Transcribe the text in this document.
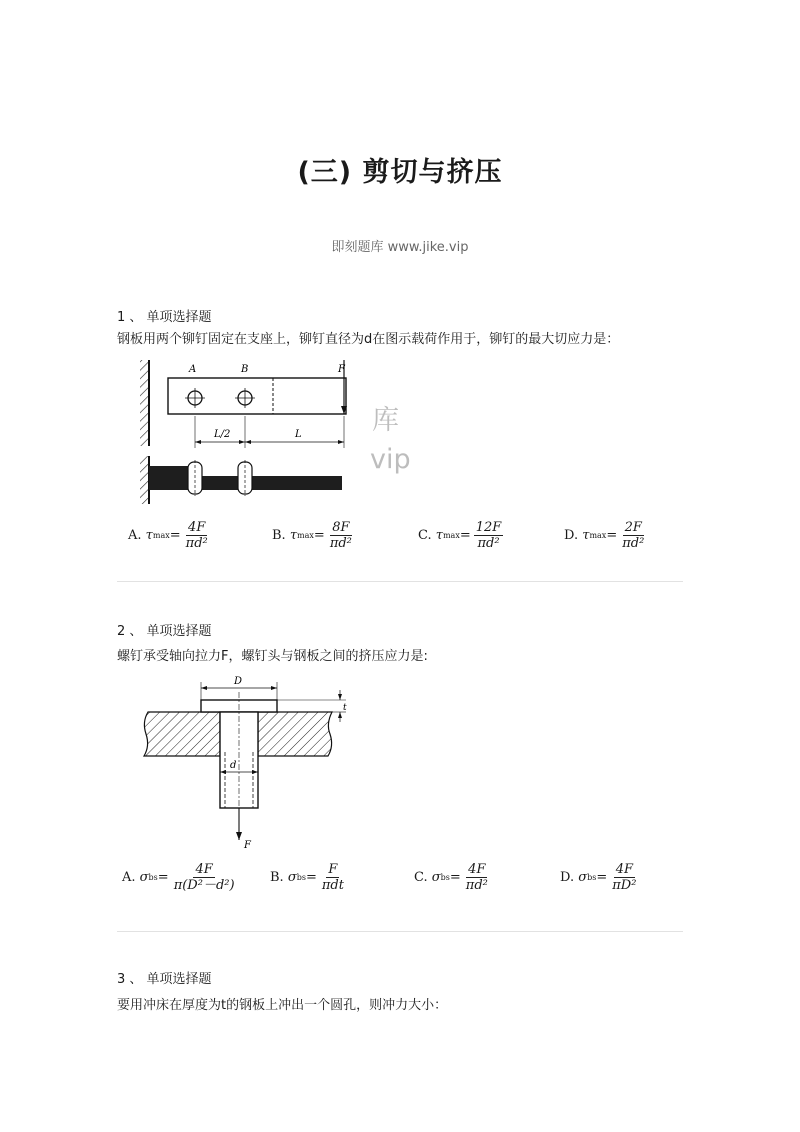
(三) 剪切与挤压
即刻题库 www.jike.vip
1 、 单项选择题
钢板用两个铆钉固定在支座上，铆钉直径为d在图示载荷作用于，铆钉的最大切应力是：
A	B	F
L/2	L	库
vip
A.
τ $\max = \frac{4F}{\text{πd²}}$	B.
τ $\max = \frac{8F}{\text{πd²}}$	C.
τ $\max = \frac{12F}{\text{πd²}}$	D.
τ $\max = \frac{2F}{\text{πd²}}$
2 、 单项选择题
螺钉承受轴向拉力F，螺钉头与钢板之间的挤压应力是:
F
D
t
d
A.
σ bs = $\frac{4F}{\text{π(D²－d²)}}$	B.
σ bs = $\frac{F}{\text{πdt}}$	C.
σ bs = $\frac{4F}{\text{πd²}}$	D.
σ bs = $\frac{4F}{\text{πD²}}$
3 、 单项选择题
要用冲床在厚度为t的钢板上冲出一个圆孔，则冲力大小：
